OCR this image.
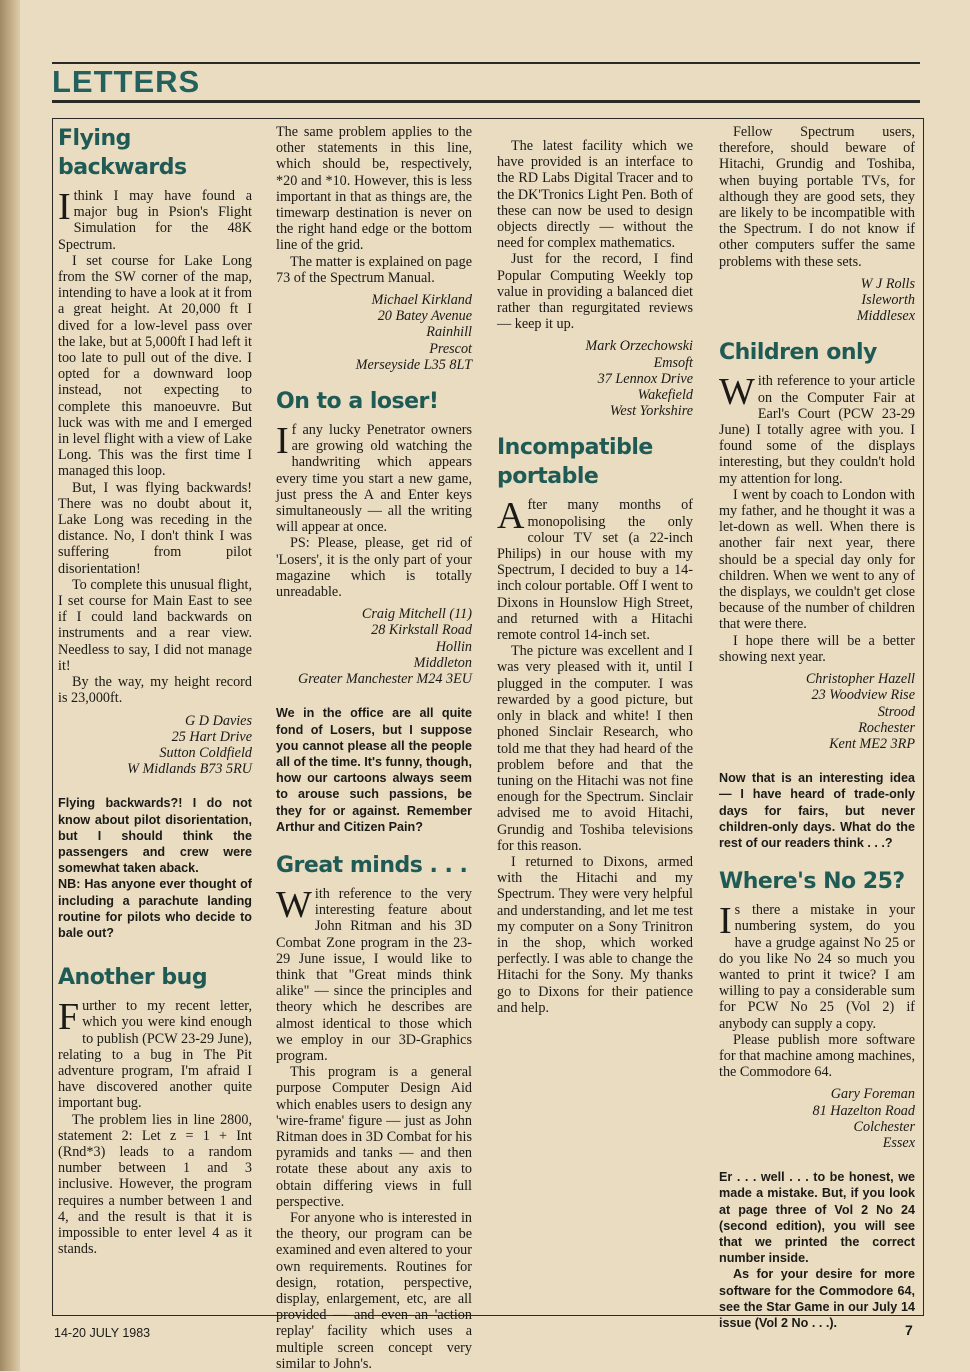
LETTERS
Flying backwards

Ithink I may have found a major bug in Psion's Flight Simulation for the 48K Spectrum.

I set course for Lake Long from the SW corner of the map, intending to have a look at it from a great height. At 20,000 ft I dived for a low-level pass over the lake, but at 5,000ft I had left it too late to pull out of the dive. I opted for a downward loop instead, not expecting to complete this manoeuvre. But luck was with me and I emerged in level flight with a view of Lake Long. This was the first time I managed this loop.

But, I was flying backwards! There was no doubt about it, Lake Long was receding in the distance. No, I don't think I was suffering from pilot disorientation!

To complete this unusual flight, I set course for Main East to see if I could land backwards on instruments and a rear view. Needless to say, I did not manage it!

By the way, my height record is 23,000ft.

G D Davies
25 Hart Drive
Sutton Coldfield
W Midlands B73 5RU

Flying backwards?! I do not know about pilot disorientation, but I should think the passengers and crew were somewhat taken aback.

NB: Has anyone ever thought of including a parachute landing routine for pilots who decide to bale out?

Another bug

Further to my recent letter, which you were kind enough to publish (PCW 23-29 June), relating to a bug in The Pit adventure program, I'm afraid I have discovered another quite important bug.

The problem lies in line 2800, statement 2: Let z = 1 + Int (Rnd*3) leads to a random number between 1 and 3 inclusive. However, the program requires a number between 1 and 4, and the result is that it is impossible to enter level 4 as it stands.

The same problem applies to the other statements in this line, which should be, respectively, *20 and *10. However, this is less important in that as things are, the timewarp destination is never on the right hand edge or the bottom line of the grid.

The matter is explained on page 73 of the Spectrum Manual.

Michael Kirkland
20 Batey Avenue
Rainhill
Prescot
Merseyside L35 8LT
On to a loser!

If any lucky Penetrator owners are growing old watching the handwriting which appears every time you start a new game, just press the A and Enter keys simultaneously — all the writing will appear at once.

PS: Please, please, get rid of 'Losers', it is the only part of your magazine which is totally unreadable.

Craig Mitchell (11)
28 Kirkstall Road
Hollin
Middleton
Greater Manchester M24 3EU

We in the office are all quite fond of Losers, but I suppose you cannot please all the people all of the time. It's funny, though, how our cartoons always seem to arouse such passions, be they for or against. Remember Arthur and Citizen Pain?

Great minds . . .

With reference to the very interesting feature about John Ritman and his 3D Combat Zone program in the 23-29 June issue, I would like to think that "Great minds think alike" — since the principles and theory which he describes are almost identical to those which we employ in our 3D-Graphics program.

This program is a general purpose Computer Design Aid which enables users to design any 'wire-frame' figure — just as John Ritman does in 3D Combat for his pyramids and tanks — and then rotate these about any axis to obtain differing views in full perspective.

For anyone who is interested in the theory, our program can be examined and even altered to your own requirements. Routines for design, rotation, perspective, display, enlargement, etc, are all provided — and even an 'action replay' facility which uses a multiple screen concept very similar to John's.

The latest facility which we have provided is an interface to the RD Labs Digital Tracer and to the DK'Tronics Light Pen. Both of these can now be used to design objects directly — without the need for complex mathematics.

Just for the record, I find Popular Computing Weekly top value in providing a balanced diet rather than regurgitated reviews — keep it up.

Mark Orzechowski
Emsoft
37 Lennox Drive
Wakefield
West Yorkshire
Incompatible portable

After many months of monopolising the only colour TV set (a 22-inch Philips) in our house with my Spectrum, I decided to buy a 14-inch colour portable. Off I went to Dixons in Hounslow High Street, and returned with a Hitachi remote control 14-inch set.

The picture was excellent and I was very pleased with it, until I plugged in the computer. I was rewarded by a good picture, but only in black and white! I then phoned Sinclair Research, who told me that they had heard of the problem before and that the tuning on the Hitachi was not fine enough for the Spectrum. Sinclair advised me to avoid Hitachi, Grundig and Toshiba televisions for this reason.

I returned to Dixons, armed with the Hitachi and my Spectrum. They were very helpful and understanding, and let me test my computer on a Sony Trinitron in the shop, which worked perfectly. I was able to change the Hitachi for the Sony. My thanks go to Dixons for their patience and help.

Fellow Spectrum users, therefore, should beware of Hitachi, Grundig and Toshiba, when buying portable TVs, for although they are good sets, they are likely to be incompatible with the Spectrum. I do not know if other computers suffer the same problems with these sets.

W J Rolls
Isleworth
Middlesex
Children only

With reference to your article on the Computer Fair at Earl's Court (PCW 23-29 June) I totally agree with you. I found some of the displays interesting, but they couldn't hold my attention for long.

I went by coach to London with my father, and he thought it was a let-down as well. When there is another fair next year, there should be a special day only for children. When we went to any of the displays, we couldn't get close because of the number of children that were there.

I hope there will be a better showing next year.

Christopher Hazell
23 Woodview Rise
Strood
Rochester
Kent ME2 3RP

Now that is an interesting idea — I have heard of trade-only days for fairs, but never children-only days. What do the rest of our readers think . . .?

Where's No 25?

Is there a mistake in your numbering system, do you have a grudge against No 25 or do you like No 24 so much you wanted to print it twice? I am willing to pay a considerable sum for PCW No 25 (Vol 2) if anybody can supply a copy.

Please publish more software for that machine among machines, the Commodore 64.

Gary Foreman
81 Hazelton Road
Colchester
Essex

Er . . . well . . . to be honest, we made a mistake. But, if you look at page three of Vol 2 No 24 (second edition), you will see that we printed the correct number inside.

As for your desire for more software for the Commodore 64, see the Star Game in our July 14 issue (Vol 2 No . . .).

14-20 JULY 1983	7
